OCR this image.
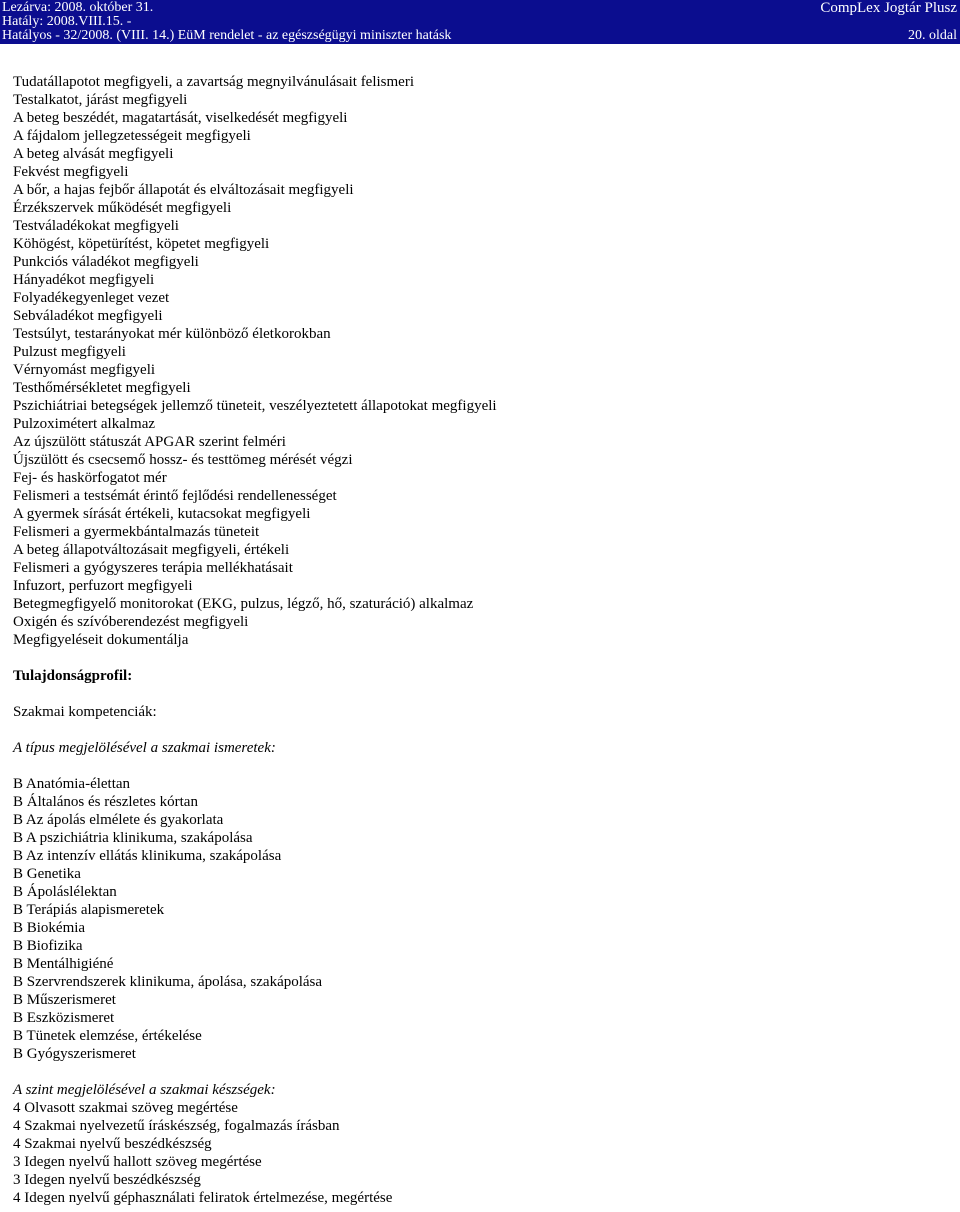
Lezárva: 2008. október 31.
Hatály: 2008.VIII.15. -
Hatályos - 32/2008. (VIII. 14.) EüM rendelet - az egészségügyi miniszter hatásk
CompLex Jogtár Plusz
20. oldal
Tudatállapotot megfigyeli, a zavartság megnyilvánulásait felismeri
Testalkatot, járást megfigyeli
A beteg beszédét, magatartását, viselkedését megfigyeli
A fájdalom jellegzetességeit megfigyeli
A beteg alvását megfigyeli
Fekvést megfigyeli
A bőr, a hajas fejbőr állapotát és elváltozásait megfigyeli
Érzékszervek működését megfigyeli
Testváladékokat megfigyeli
Köhögést, köpetürítést, köpetet megfigyeli
Punkciós váladékot megfigyeli
Hányadékot megfigyeli
Folyadékegyenleget vezet
Sebváladékot megfigyeli
Testsúlyt, testarányokat mér különböző életkorokban
Pulzust megfigyeli
Vérnyomást megfigyeli
Testhőmérsékletet megfigyeli
Pszichiátriai betegségek jellemző tüneteit, veszélyeztetett állapotokat megfigyeli
Pulzoximétert alkalmaz
Az újszülött státuszát APGAR szerint felméri
Újszülött és csecsemő hossz- és testtömeg mérését végzi
Fej- és haskörfogatot mér
Felismeri a testsémát érintő fejlődési rendellenességet
A gyermek sírását értékeli, kutacsokat megfigyeli
Felismeri a gyermekbántalmazás tüneteit
A beteg állapotváltozásait megfigyeli, értékeli
Felismeri a gyógyszeres terápia mellékhatásait
Infuzort, perfuzort megfigyeli
Betegmegfigyelő monitorokat (EKG, pulzus, légző, hő, szaturáció) alkalmaz
Oxigén és szívóberendezést megfigyeli
Megfigyeléseit dokumentálja
Tulajdonságprofil:
Szakmai kompetenciák:
A típus megjelölésével a szakmai ismeretek:
B Anatómia-élettan
B Általános és részletes kórtan
B Az ápolás elmélete és gyakorlata
B A pszichiátria klinikuma, szakápolása
B Az intenzív ellátás klinikuma, szakápolása
B Genetika
B Ápoláslélektan
B Terápiás alapismeretek
B Biokémia
B Biofizika
B Mentálhigiéné
B Szervrendszerek klinikuma, ápolása, szakápolása
B Műszerismeret
B Eszközismeret
B Tünetek elemzése, értékelése
B Gyógyszerismeret
A szint megjelölésével a szakmai készségek:
4 Olvasott szakmai szöveg megértése
4 Szakmai nyelvezetű íráskészség, fogalmazás írásban
4 Szakmai nyelvű beszédkészség
3 Idegen nyelvű hallott szöveg megértése
3 Idegen nyelvű beszédkészség
4 Idegen nyelvű géphasználati feliratok értelmezése, megértése
